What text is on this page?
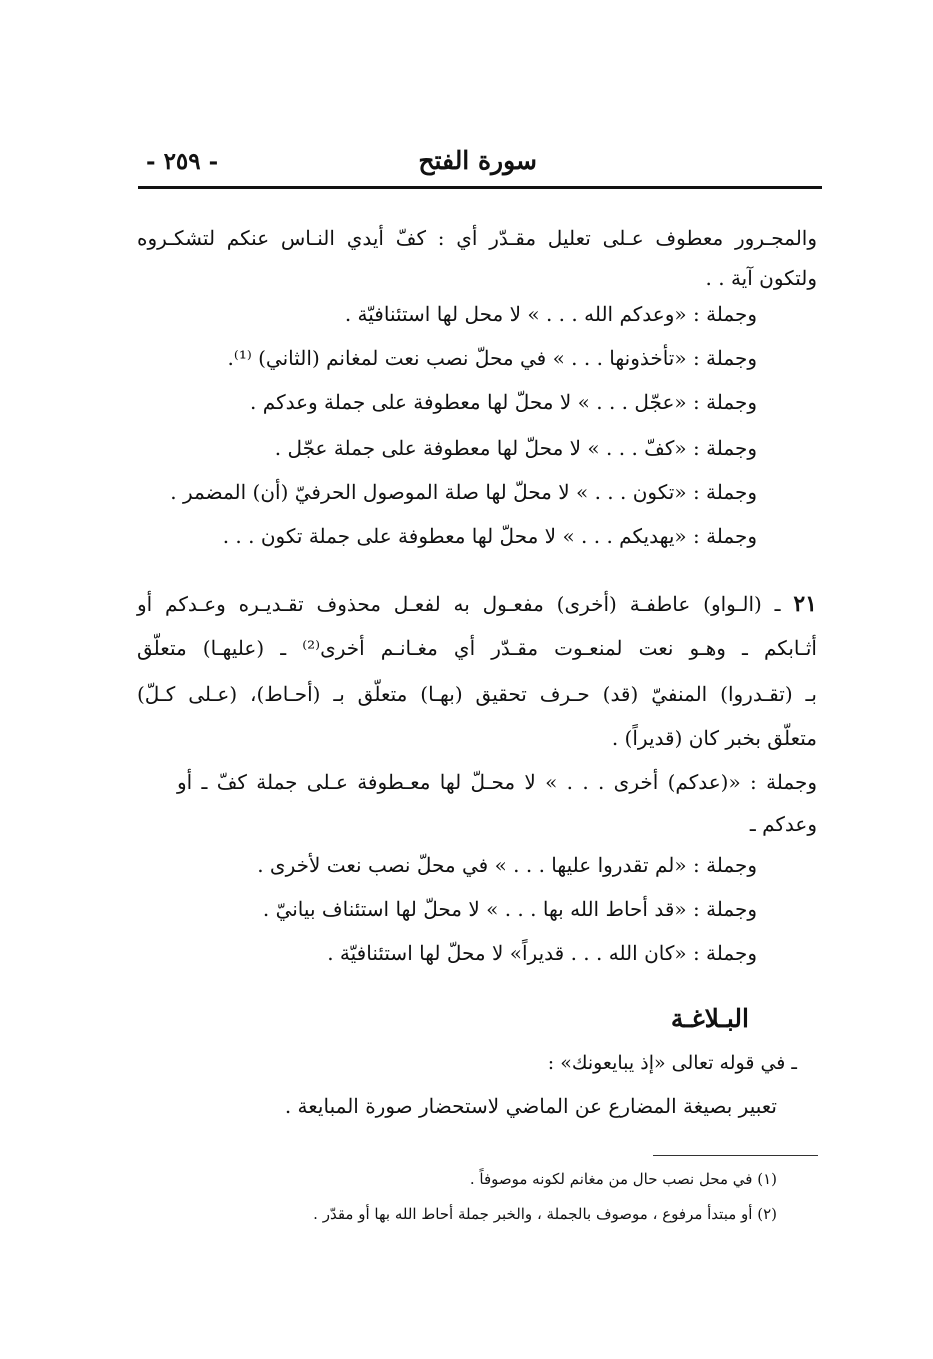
سورة الفتح
- ٢٥٩ -
والمجـرور معطوف عـلى تعليل مقـدّر أي : كفّ أيدي النـاس عنكم لتشكـروه
ولتكون آية . .
وجملة : «وعدكم الله . . . » لا محل لها استئنافيّة .
وجملة : «تأخذونها . . . » في محلّ نصب نعت لمغانم (الثاني) ⁽¹⁾.
وجملة : «عجّل . . . » لا محلّ لها معطوفة على جملة وعدكم .
وجملة : «كفّ . . . » لا محلّ لها معطوفة على جملة عجّل .
وجملة : «تكون . . . » لا محلّ لها صلة الموصول الحرفيّ (أن) المضمر .
وجملة : «يهديكم . . . » لا محلّ لها معطوفة على جملة تكون . . .
٢١ ـ (الـواو) عاطفـة (أخرى) مفعـول به لفعـل محذوف تقـديـره وعـدكم أو
أثـابكم ـ وهـو نعت لمنعـوت مقـدّر أي مغـانـم أخرى⁽²⁾ ـ (عليهـا) متعلّق
بـ (تقـدروا) المنفيّ (قد) حـرف تحقيق (بهـا) متعلّق بـ (أحـاط)، (عـلى كـلّ)
متعلّق بخبر كان (قديراً) .
وجملة : «(عدكم) أخرى . . . » لا محـلّ لها معـطوفة عـلى جملة كفّ ـ أو
وعدكم ـ
وجملة : «لم تقدروا عليها . . . » في محلّ نصب نعت لأخرى .
وجملة : «قد أحاط الله بها . . . » لا محلّ لها استئناف بيانيّ .
وجملة : «كان الله . . . قديراً» لا محلّ لها استئنافيّة .
البـلاغـة
ـ في قوله تعالى «إذ يبايعونك» :
تعبير بصيغة المضارع عن الماضي لاستحضار صورة المبايعة .
(١) في محل نصب حال من مغانم لكونه موصوفاً .
(٢) أو مبتدأ مرفوع ، موصوف بالجملة ، والخبر جملة أحاط الله بها أو مقدّر .
